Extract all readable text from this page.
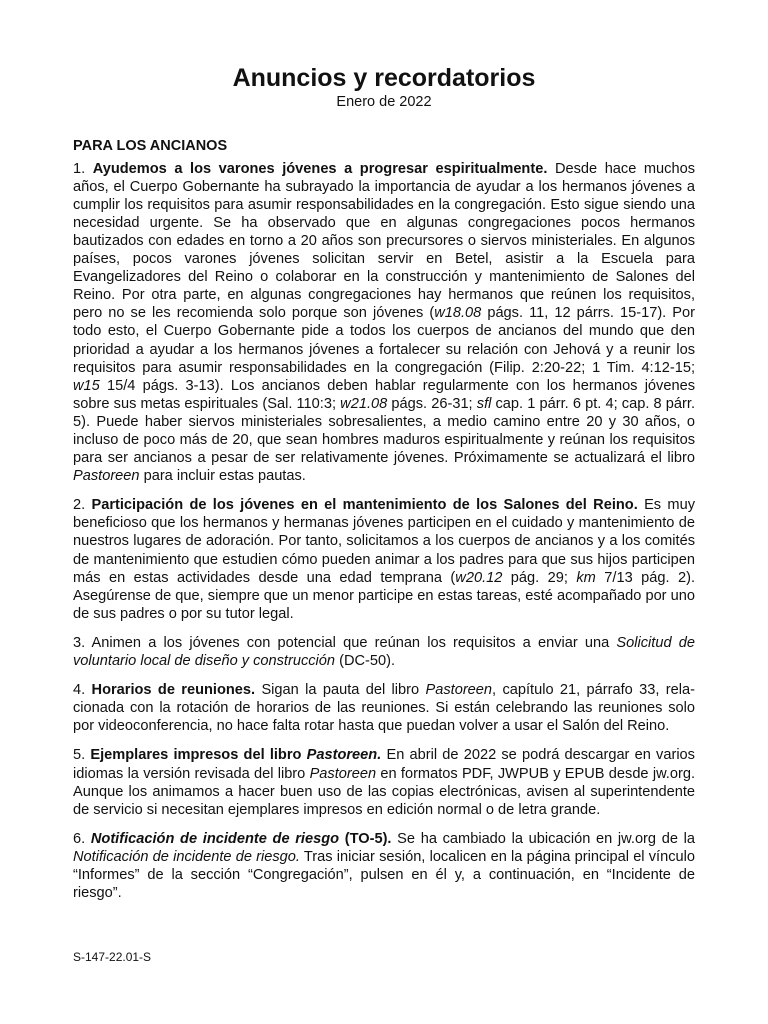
Anuncios y recordatorios

Enero de 2022

PARA LOS ANCIANOS

1. Ayudemos a los varones jóvenes a progresar espiritualmente. Desde hace muchos años, el Cuerpo Gobernante ha subrayado la importancia de ayudar a los hermanos jóvenes a cumplir los requisitos para asumir responsabilidades en la congregación. Esto sigue siendo una necesidad urgente. Se ha observado que en algunas congregaciones pocos hermanos bautizados con edades en torno a 20 años son precursores o siervos ministeriales. En algunos países, pocos varones jóvenes solicitan servir en Betel, asistir a la Escuela para Evangelizadores del Reino o colaborar en la construcción y mantenimiento de Salones del Reino. Por otra parte, en algunas congregaciones hay hermanos que reúnen los requisitos, pero no se les recomienda solo porque son jóvenes (w18.08 págs. 11, 12 párrs. 15-17). Por todo esto, el Cuerpo Gobernante pide a todos los cuerpos de ancianos del mundo que den prioridad a ayudar a los hermanos jóvenes a fortalecer su relación con Jehová y a reunir los requisitos para asumir responsabilidades en la congregación (Filip. 2:20-22; 1 Tim. 4:12-15; w15 15/4 págs. 3-13). Los ancianos deben hablar regularmente con los hermanos jóvenes sobre sus metas espirituales (Sal. 110:3; w21.08 págs. 26-31; sfl cap. 1 párr. 6 pt. 4; cap. 8 párr. 5). Puede haber siervos ministeriales sobresalientes, a medio camino entre 20 y 30 años, o incluso de poco más de 20, que sean hombres maduros espiritualmente y reúnan los requisitos para ser ancianos a pesar de ser relativamente jóvenes. Próximamente se actualizará el libro Pastoreen para incluir estas pautas.

2. Participación de los jóvenes en el mantenimiento de los Salones del Reino. Es muy beneficioso que los hermanos y hermanas jóvenes participen en el cuidado y mantenimiento de nuestros lugares de adoración. Por tanto, solicitamos a los cuerpos de ancianos y a los comités de mantenimiento que estudien cómo pueden animar a los padres para que sus hijos participen más en estas actividades desde una edad temprana (w20.12 pág. 29; km 7/13 pág. 2). Asegúrense de que, siempre que un menor participe en estas tareas, esté acompañado por uno de sus padres o por su tutor legal.

3. Animen a los jóvenes con potencial que reúnan los requisitos a enviar una Solicitud de voluntario local de diseño y construcción (DC-50).

4. Horarios de reuniones. Sigan la pauta del libro Pastoreen, capítulo 21, párrafo 33, relacionada con la rotación de horarios de las reuniones. Si están celebrando las reuniones solo por videoconferencia, no hace falta rotar hasta que puedan volver a usar el Salón del Reino.

5. Ejemplares impresos del libro Pastoreen. En abril de 2022 se podrá descargar en varios idiomas la versión revisada del libro Pastoreen en formatos PDF, JWPUB y EPUB desde jw.org. Aunque los animamos a hacer buen uso de las copias electrónicas, avisen al superintendente de servicio si necesitan ejemplares impresos en edición normal o de letra grande.

6. Notificación de incidente de riesgo (TO-5). Se ha cambiado la ubicación en jw.org de la Notificación de incidente de riesgo. Tras iniciar sesión, localicen en la página principal el vínculo “Informes” de la sección “Congregación”, pulsen en él y, a continuación, en “Incidente de riesgo”.

S-147-22.01-S
